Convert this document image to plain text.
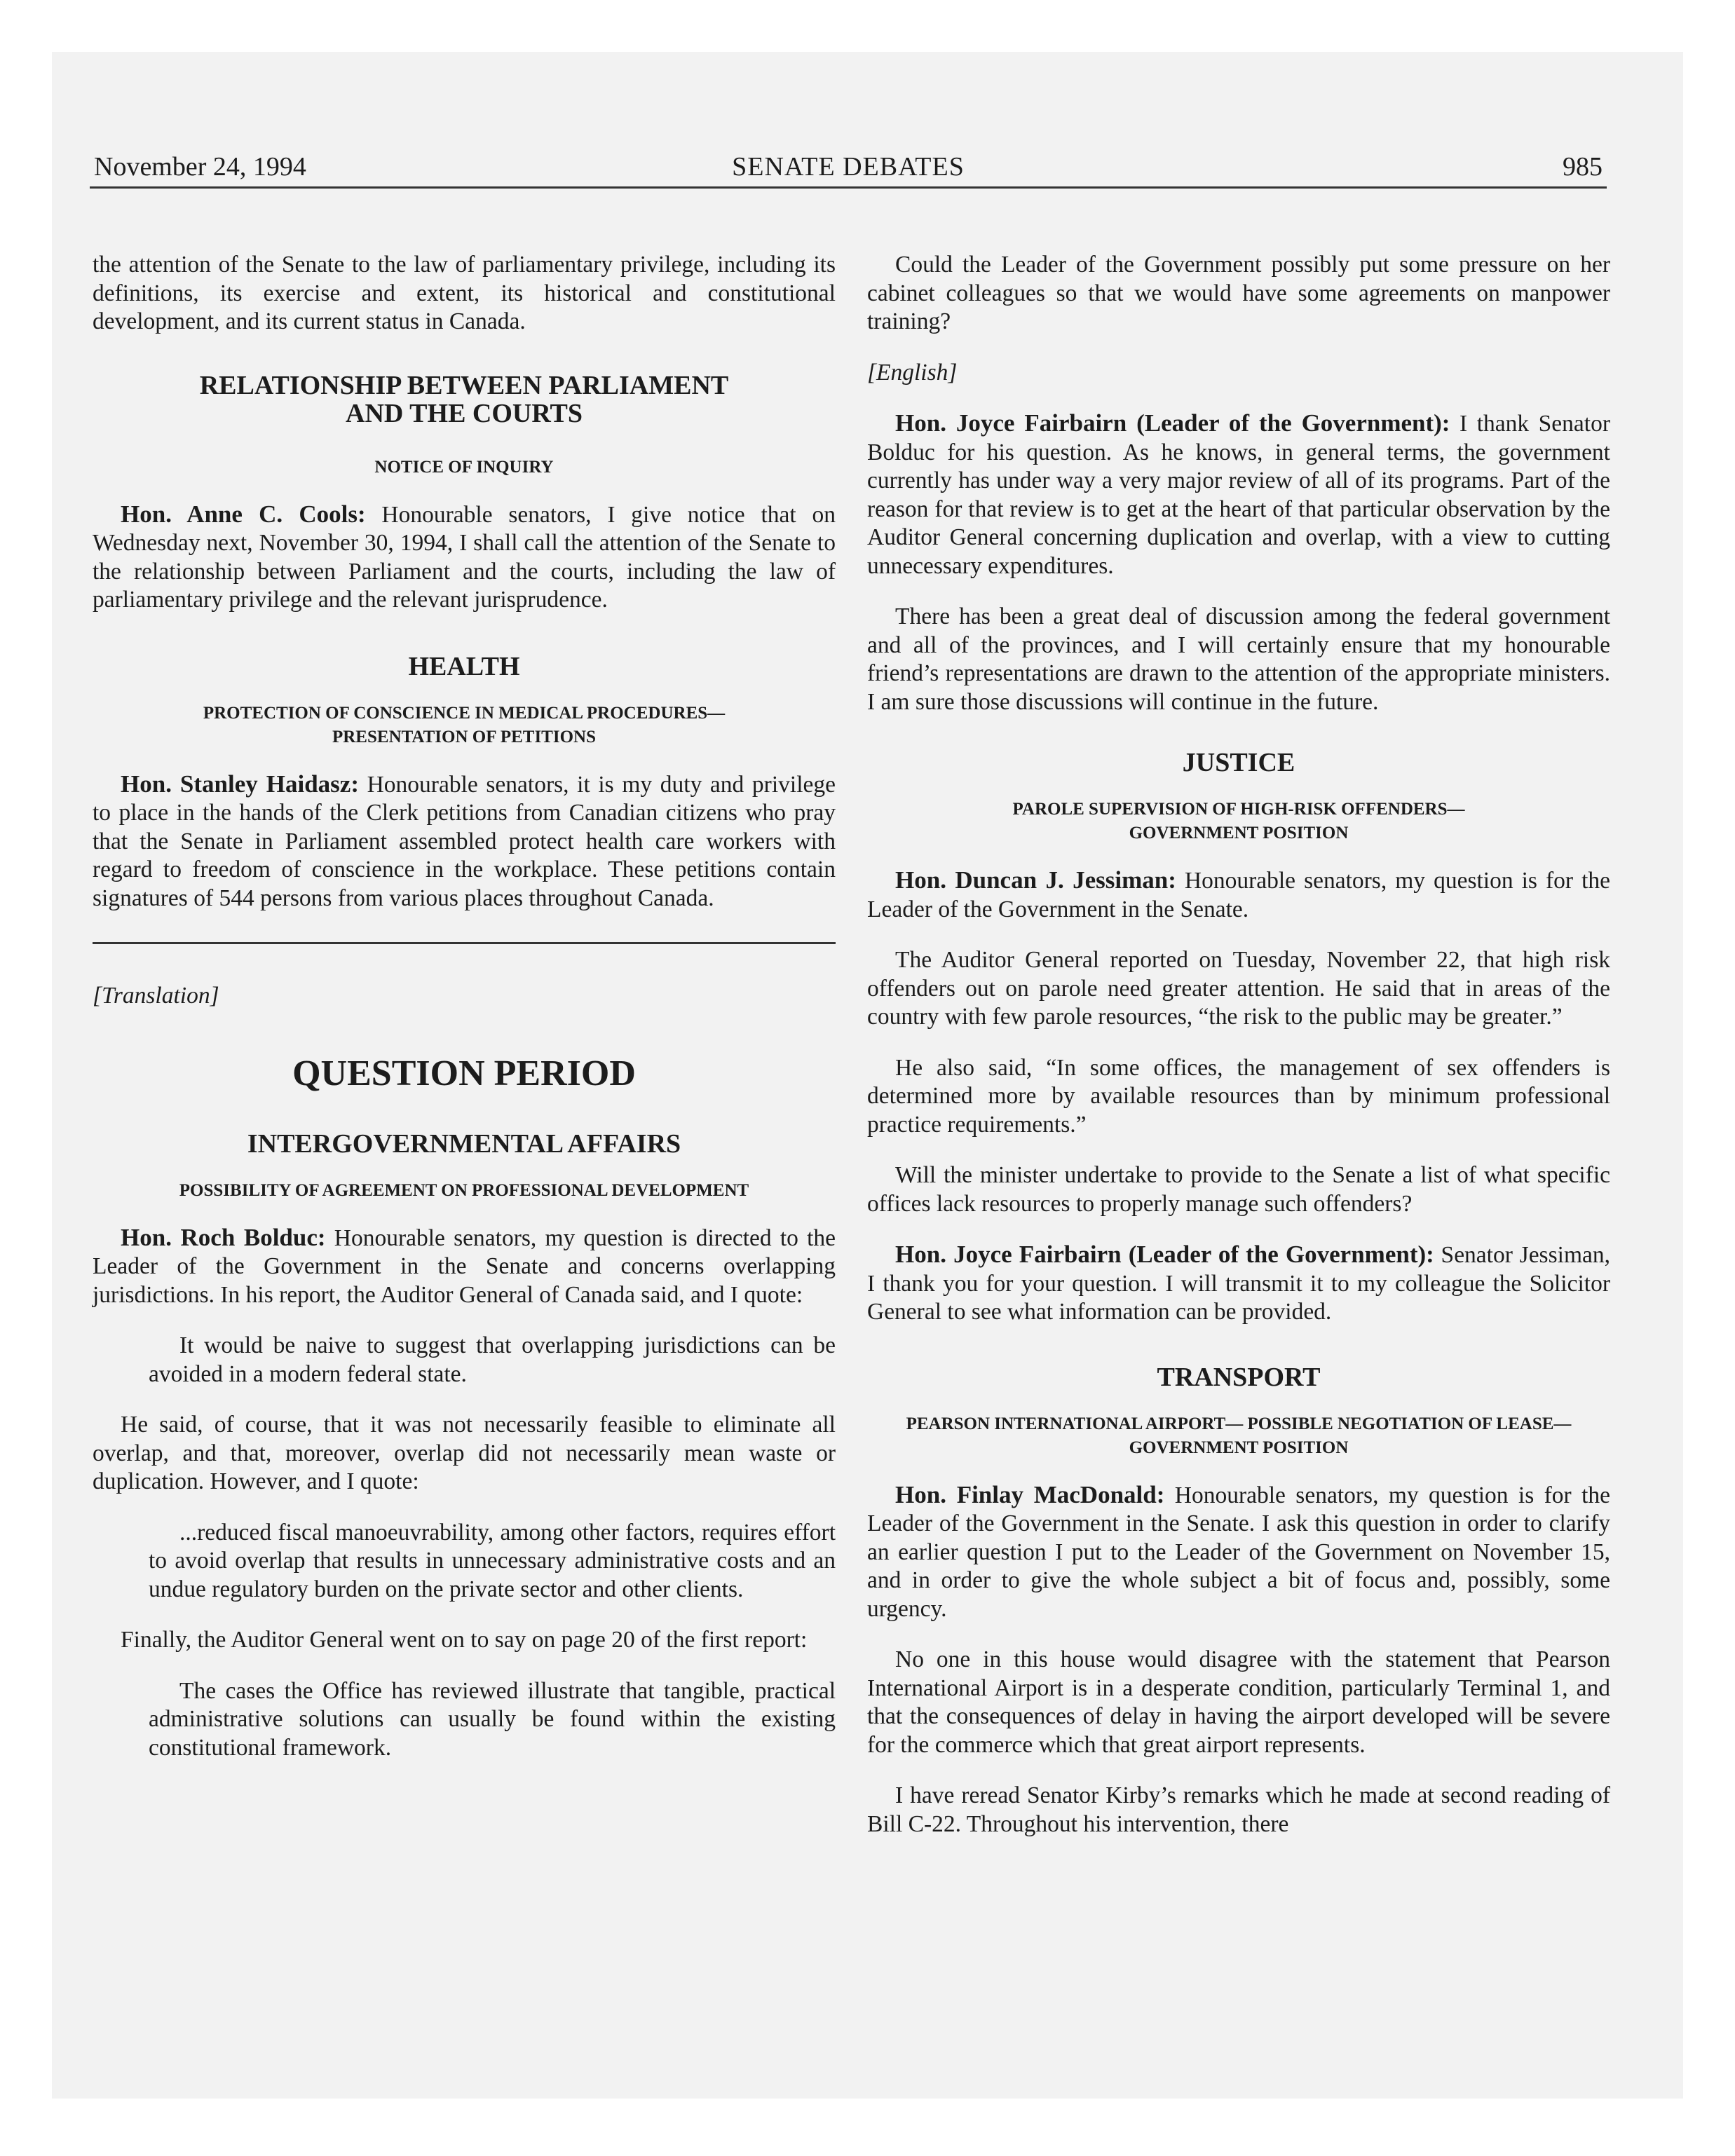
November 24, 1994	SENATE DEBATES	985

the attention of the Senate to the law of parliamentary privilege, including its definitions, its exercise and extent, its historical and constitutional development, and its current status in Canada.

RELATIONSHIP BETWEEN PARLIAMENT AND THE COURTS
NOTICE OF INQUIRY

Hon. Anne C. Cools: Honourable senators, I give notice that on Wednesday next, November 30, 1994, I shall call the attention of the Senate to the relationship between Parliament and the courts, including the law of parliamentary privilege and the relevant jurisprudence.

HEALTH
PROTECTION OF CONSCIENCE IN MEDICAL PROCEDURES— PRESENTATION OF PETITIONS

Hon. Stanley Haidasz: Honourable senators, it is my duty and privilege to place in the hands of the Clerk petitions from Canadian citizens who pray that the Senate in Parliament assembled protect health care workers with regard to freedom of conscience in the workplace. These petitions contain signatures of 544 persons from various places throughout Canada.

[Translation]

QUESTION PERIOD
INTERGOVERNMENTAL AFFAIRS
POSSIBILITY OF AGREEMENT ON PROFESSIONAL DEVELOPMENT

Hon. Roch Bolduc: Honourable senators, my question is directed to the Leader of the Government in the Senate and concerns overlapping jurisdictions. In his report, the Auditor General of Canada said, and I quote:

It would be naive to suggest that overlapping jurisdictions can be avoided in a modern federal state.

He said, of course, that it was not necessarily feasible to eliminate all overlap, and that, moreover, overlap did not necessarily mean waste or duplication. However, and I quote:

...reduced fiscal manoeuvrability, among other factors, requires effort to avoid overlap that results in unnecessary administrative costs and an undue regulatory burden on the private sector and other clients.

Finally, the Auditor General went on to say on page 20 of the first report:

The cases the Office has reviewed illustrate that tangible, practical administrative solutions can usually be found within the existing constitutional framework.

Could the Leader of the Government possibly put some pressure on her cabinet colleagues so that we would have some agreements on manpower training?

[English]

Hon. Joyce Fairbairn (Leader of the Government): I thank Senator Bolduc for his question. As he knows, in general terms, the government currently has under way a very major review of all of its programs. Part of the reason for that review is to get at the heart of that particular observation by the Auditor General concerning duplication and overlap, with a view to cutting unnecessary expenditures.

There has been a great deal of discussion among the federal government and all of the provinces, and I will certainly ensure that my honourable friend’s representations are drawn to the attention of the appropriate ministers. I am sure those discussions will continue in the future.

JUSTICE
PAROLE SUPERVISION OF HIGH-RISK OFFENDERS— GOVERNMENT POSITION

Hon. Duncan J. Jessiman: Honourable senators, my question is for the Leader of the Government in the Senate.

The Auditor General reported on Tuesday, November 22, that high risk offenders out on parole need greater attention. He said that in areas of the country with few parole resources, “the risk to the public may be greater.”

He also said, “In some offices, the management of sex offenders is determined more by available resources than by minimum professional practice requirements.”

Will the minister undertake to provide to the Senate a list of what specific offices lack resources to properly manage such offenders?

Hon. Joyce Fairbairn (Leader of the Government): Senator Jessiman, I thank you for your question. I will transmit it to my colleague the Solicitor General to see what information can be provided.

TRANSPORT
PEARSON INTERNATIONAL AIRPORT— POSSIBLE NEGOTIATION OF LEASE—GOVERNMENT POSITION

Hon. Finlay MacDonald: Honourable senators, my question is for the Leader of the Government in the Senate. I ask this question in order to clarify an earlier question I put to the Leader of the Government on November 15, and in order to give the whole subject a bit of focus and, possibly, some urgency.

No one in this house would disagree with the statement that Pearson International Airport is in a desperate condition, particularly Terminal 1, and that the consequences of delay in having the airport developed will be severe for the commerce which that great airport represents.

I have reread Senator Kirby’s remarks which he made at second reading of Bill C-22. Throughout his intervention, there
